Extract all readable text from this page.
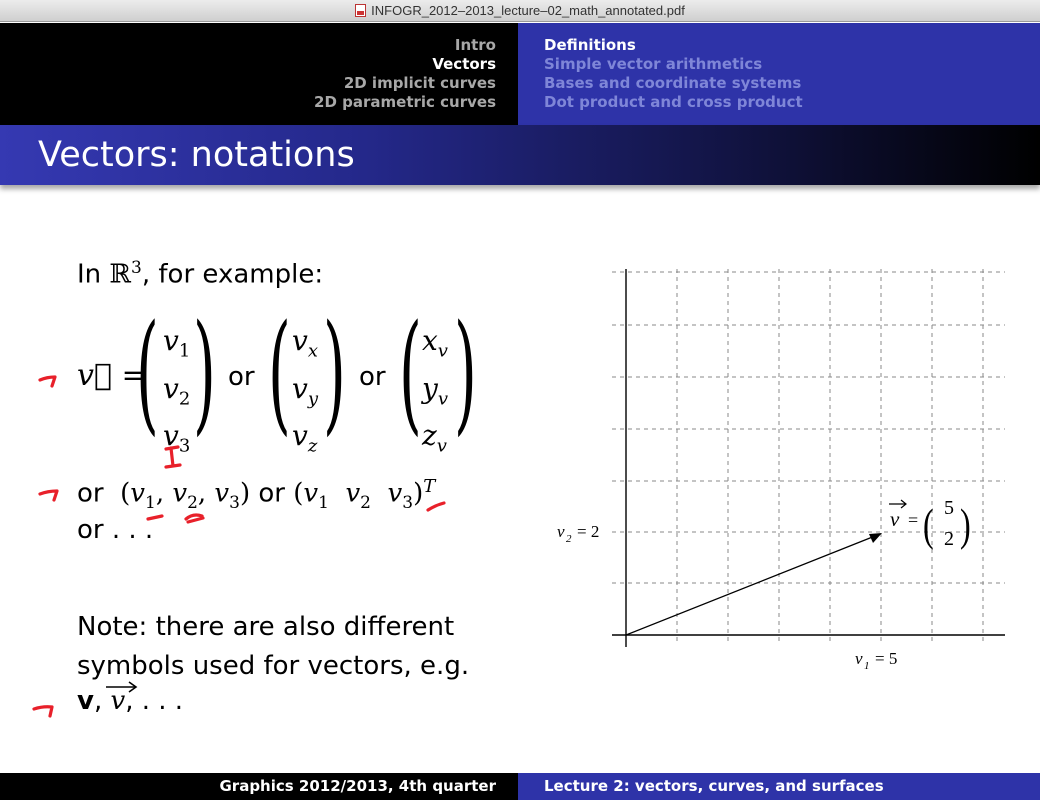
INFOGR_2012–2013_lecture–02_math_annotated.pdf
Intro
Vectors
2D implicit curves
2D parametric curves
Definitions
Simple vector arithmetics
Bases and coordinate systems
Dot product and cross product
Vectors: notations
In ℝ$^3$, for example:
v⃗ =
( $v_1$
$v_2$
$v_3$ ) or ( $v_x$
$v_y$
$v_z$ ) or ( $x_v$
$y_v$
$z_v$ )
or  ($v_1$, $v_2$, $v_3$) or ($v_1$ $v_2$ $v_3)^T$
or . . .
Note: there are also different
symbols used for vectors, e.g.
v, v
, . . .
v = ( 5
2 )
v 2 = 2
v 1 = 5
Graphics 2012/2013, 4th quarter	Lecture 2: vectors, curves, and surfaces
